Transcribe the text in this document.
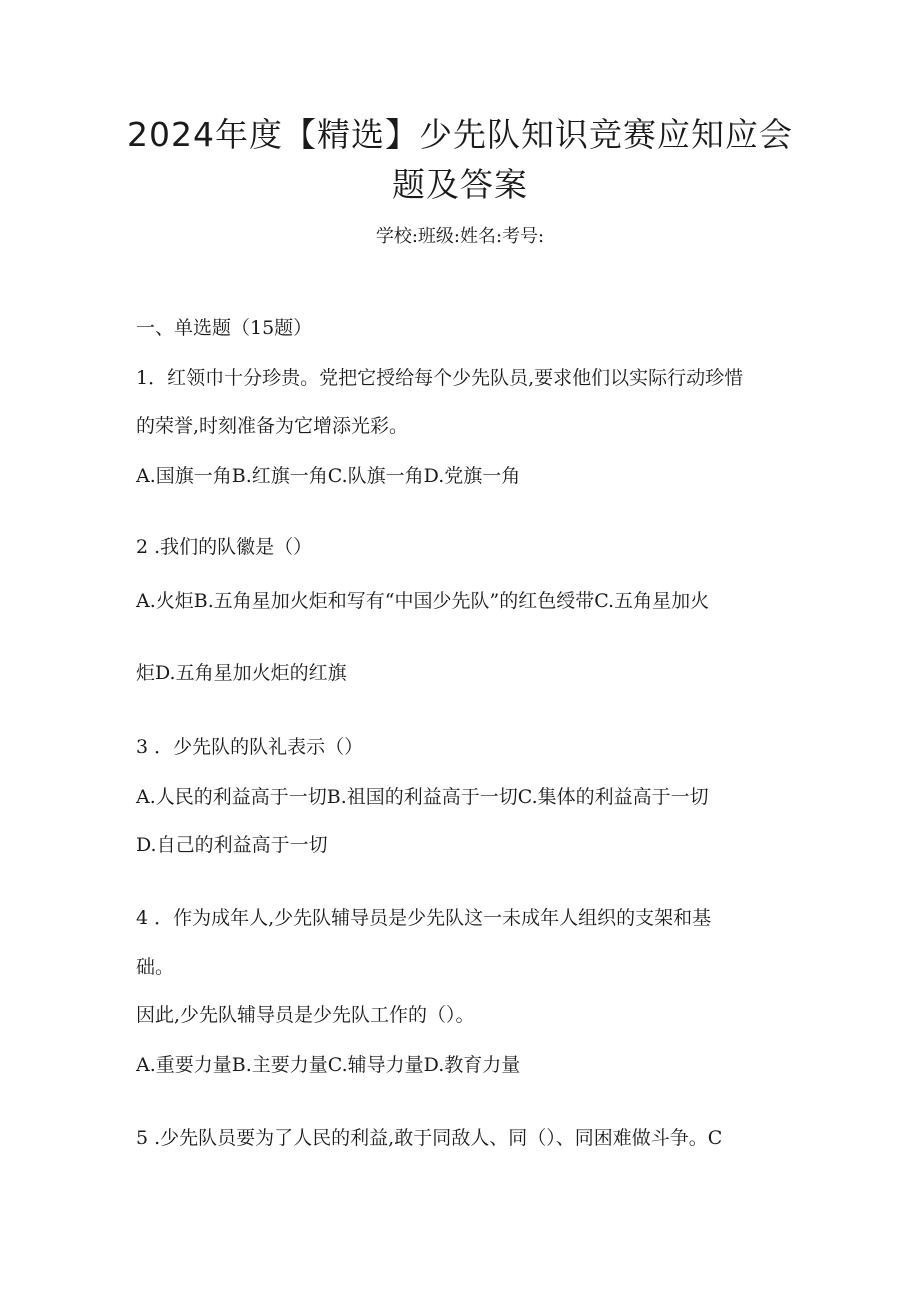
2024年度【精选】少先队知识竞赛应知应会
题及答案
学校:班级:姓名:考号:
一、单选题（15题）
1．红领巾十分珍贵。党把它授给每个少先队员,要求他们以实际行动珍惜
的荣誉,时刻准备为它增添光彩。
A.国旗一角B.红旗一角C.队旗一角D.党旗一角
2 .我们的队徽是（）
A.火炬B.五角星加火炬和写有“中国少先队”的红色绶带C.五角星加火
炬D.五角星加火炬的红旗
3 ．少先队的队礼表示（）
A.人民的利益高于一切B.祖国的利益高于一切C.集体的利益高于一切
D.自己的利益高于一切
4 ．作为成年人,少先队辅导员是少先队这一未成年人组织的支架和基
础。
因此,少先队辅导员是少先队工作的（）。
A.重要力量B.主要力量C.辅导力量D.教育力量
5 .少先队员要为了人民的利益,敢于同敌人、同（）、同困难做斗争。C
